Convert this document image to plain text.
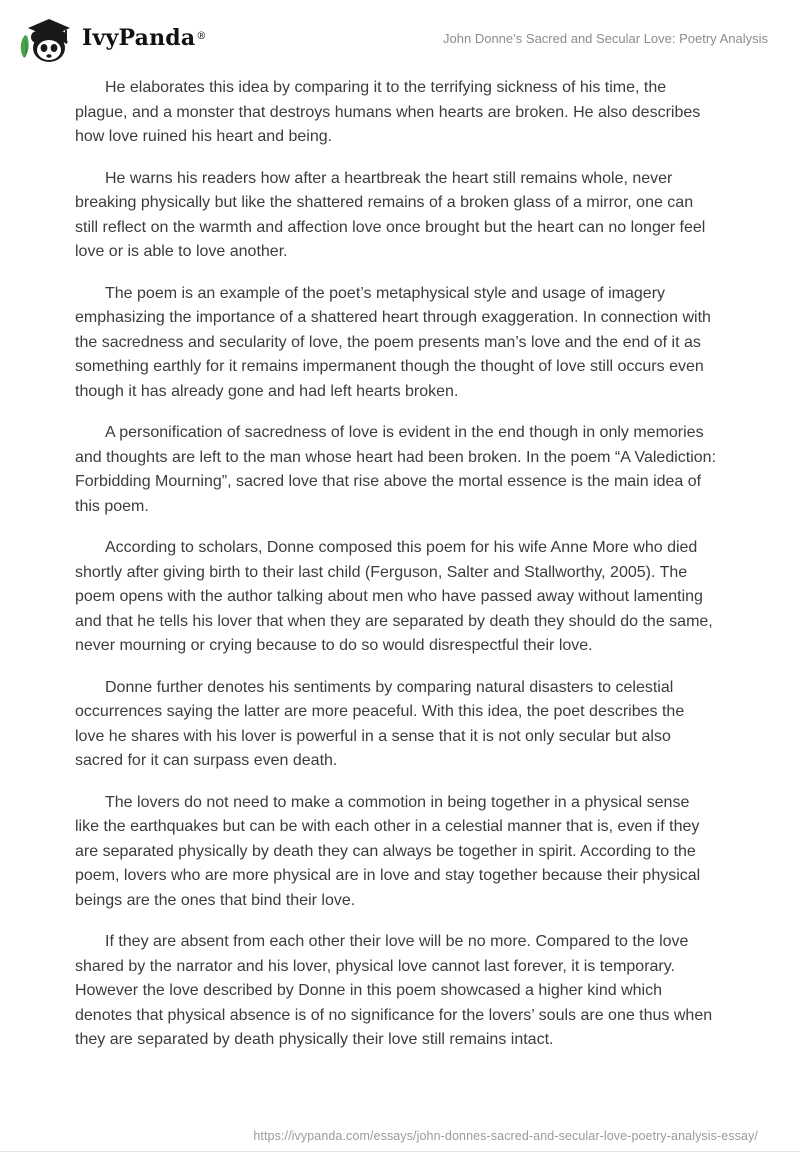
IvyPanda®	John Donne’s Sacred and Secular Love: Poetry Analysis

He elaborates this idea by comparing it to the terrifying sickness of his time, the plague, and a monster that destroys humans when hearts are broken. He also describes how love ruined his heart and being.

He warns his readers how after a heartbreak the heart still remains whole, never breaking physically but like the shattered remains of a broken glass of a mirror, one can still reflect on the warmth and affection love once brought but the heart can no longer feel love or is able to love another.

The poem is an example of the poet’s metaphysical style and usage of imagery emphasizing the importance of a shattered heart through exaggeration. In connection with the sacredness and secularity of love, the poem presents man’s love and the end of it as something earthly for it remains impermanent though the thought of love still occurs even though it has already gone and had left hearts broken.

A personification of sacredness of love is evident in the end though in only memories and thoughts are left to the man whose heart had been broken. In the poem “A Valediction: Forbidding Mourning”, sacred love that rise above the mortal essence is the main idea of this poem.

According to scholars, Donne composed this poem for his wife Anne More who died shortly after giving birth to their last child (Ferguson, Salter and Stallworthy, 2005). The poem opens with the author talking about men who have passed away without lamenting and that he tells his lover that when they are separated by death they should do the same, never mourning or crying because to do so would disrespectful their love.

Donne further denotes his sentiments by comparing natural disasters to celestial occurrences saying the latter are more peaceful. With this idea, the poet describes the love he shares with his lover is powerful in a sense that it is not only secular but also sacred for it can surpass even death.

The lovers do not need to make a commotion in being together in a physical sense like the earthquakes but can be with each other in a celestial manner that is, even if they are separated physically by death they can always be together in spirit. According to the poem, lovers who are more physical are in love and stay together because their physical beings are the ones that bind their love.

If they are absent from each other their love will be no more. Compared to the love shared by the narrator and his lover, physical love cannot last forever, it is temporary. However the love described by Donne in this poem showcased a higher kind which denotes that physical absence is of no significance for the lovers’ souls are one thus when they are separated by death physically their love still remains intact.

https://ivypanda.com/essays/john-donnes-sacred-and-secular-love-poetry-analysis-essay/
